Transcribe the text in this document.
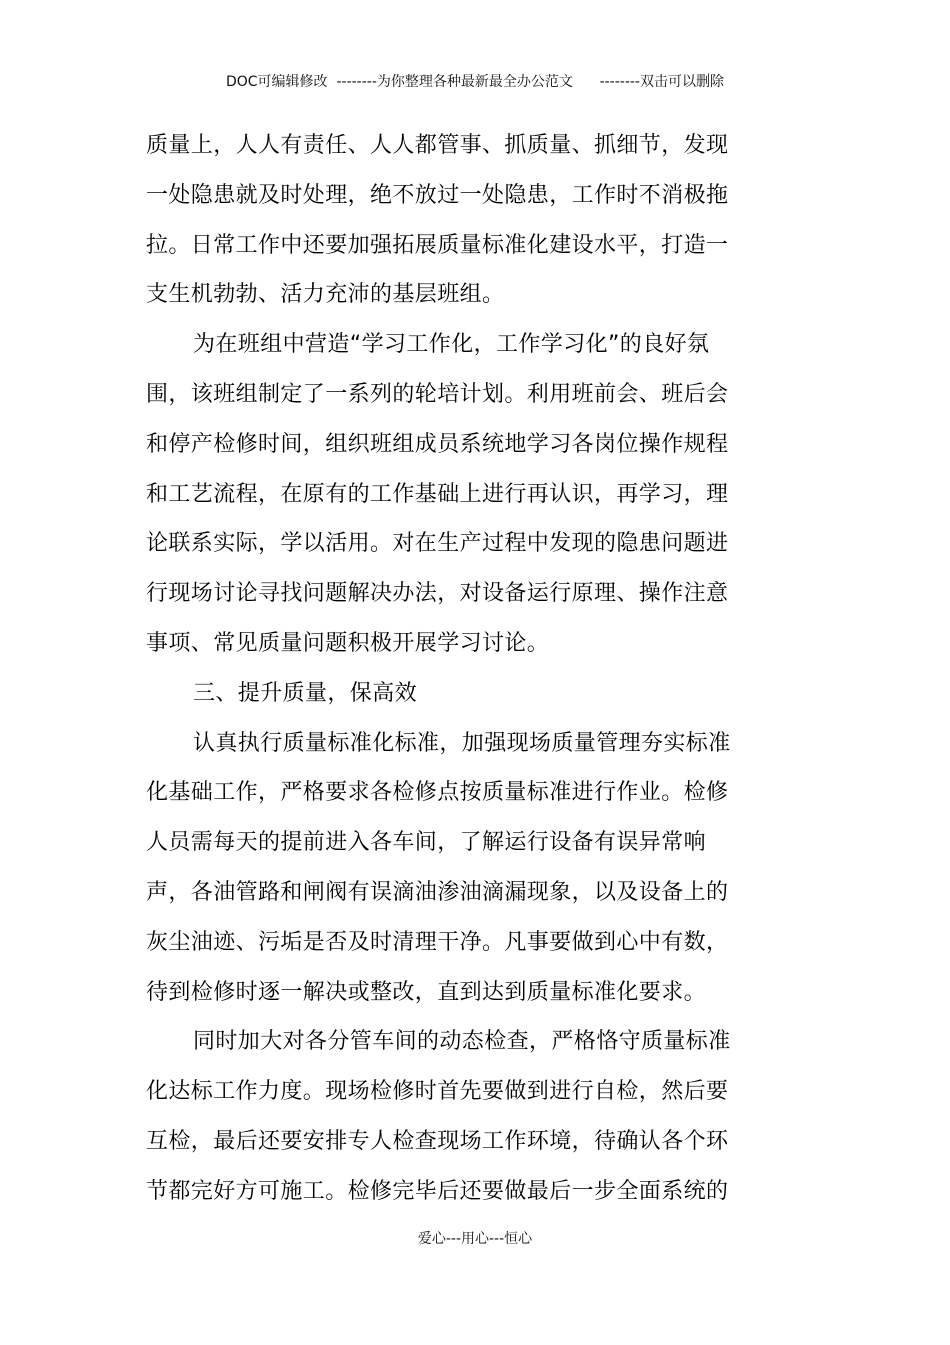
DOC可编辑修改  --------为你整理各种最新最全办公范文      --------双击可以删除
质量上，人人有责任、人人都管事、抓质量、抓细节，发现
一处隐患就及时处理，绝不放过一处隐患，工作时不消极拖
拉。日常工作中还要加强拓展质量标准化建设水平，打造一
支生机勃勃、活力充沛的基层班组。
为在班组中营造“学习工作化，工作学习化”的良好氛
围，该班组制定了一系列的轮培计划。利用班前会、班后会
和停产检修时间，组织班组成员系统地学习各岗位操作规程
和工艺流程，在原有的工作基础上进行再认识，再学习，理
论联系实际，学以活用。对在生产过程中发现的隐患问题进
行现场讨论寻找问题解决办法，对设备运行原理、操作注意
事项、常见质量问题积极开展学习讨论。
三、提升质量，保高效
认真执行质量标准化标准，加强现场质量管理夯实标准
化基础工作，严格要求各检修点按质量标准进行作业。检修
人员需每天的提前进入各车间，了解运行设备有误异常响
声，各油管路和闸阀有误滴油渗油滴漏现象，以及设备上的
灰尘油迹、污垢是否及时清理干净。凡事要做到心中有数，
待到检修时逐一解决或整改，直到达到质量标准化要求。
同时加大对各分管车间的动态检查，严格恪守质量标准
化达标工作力度。现场检修时首先要做到进行自检，然后要
互检，最后还要安排专人检查现场工作环境，待确认各个环
节都完好方可施工。检修完毕后还要做最后一步全面系统的
爱心---用心---恒心
